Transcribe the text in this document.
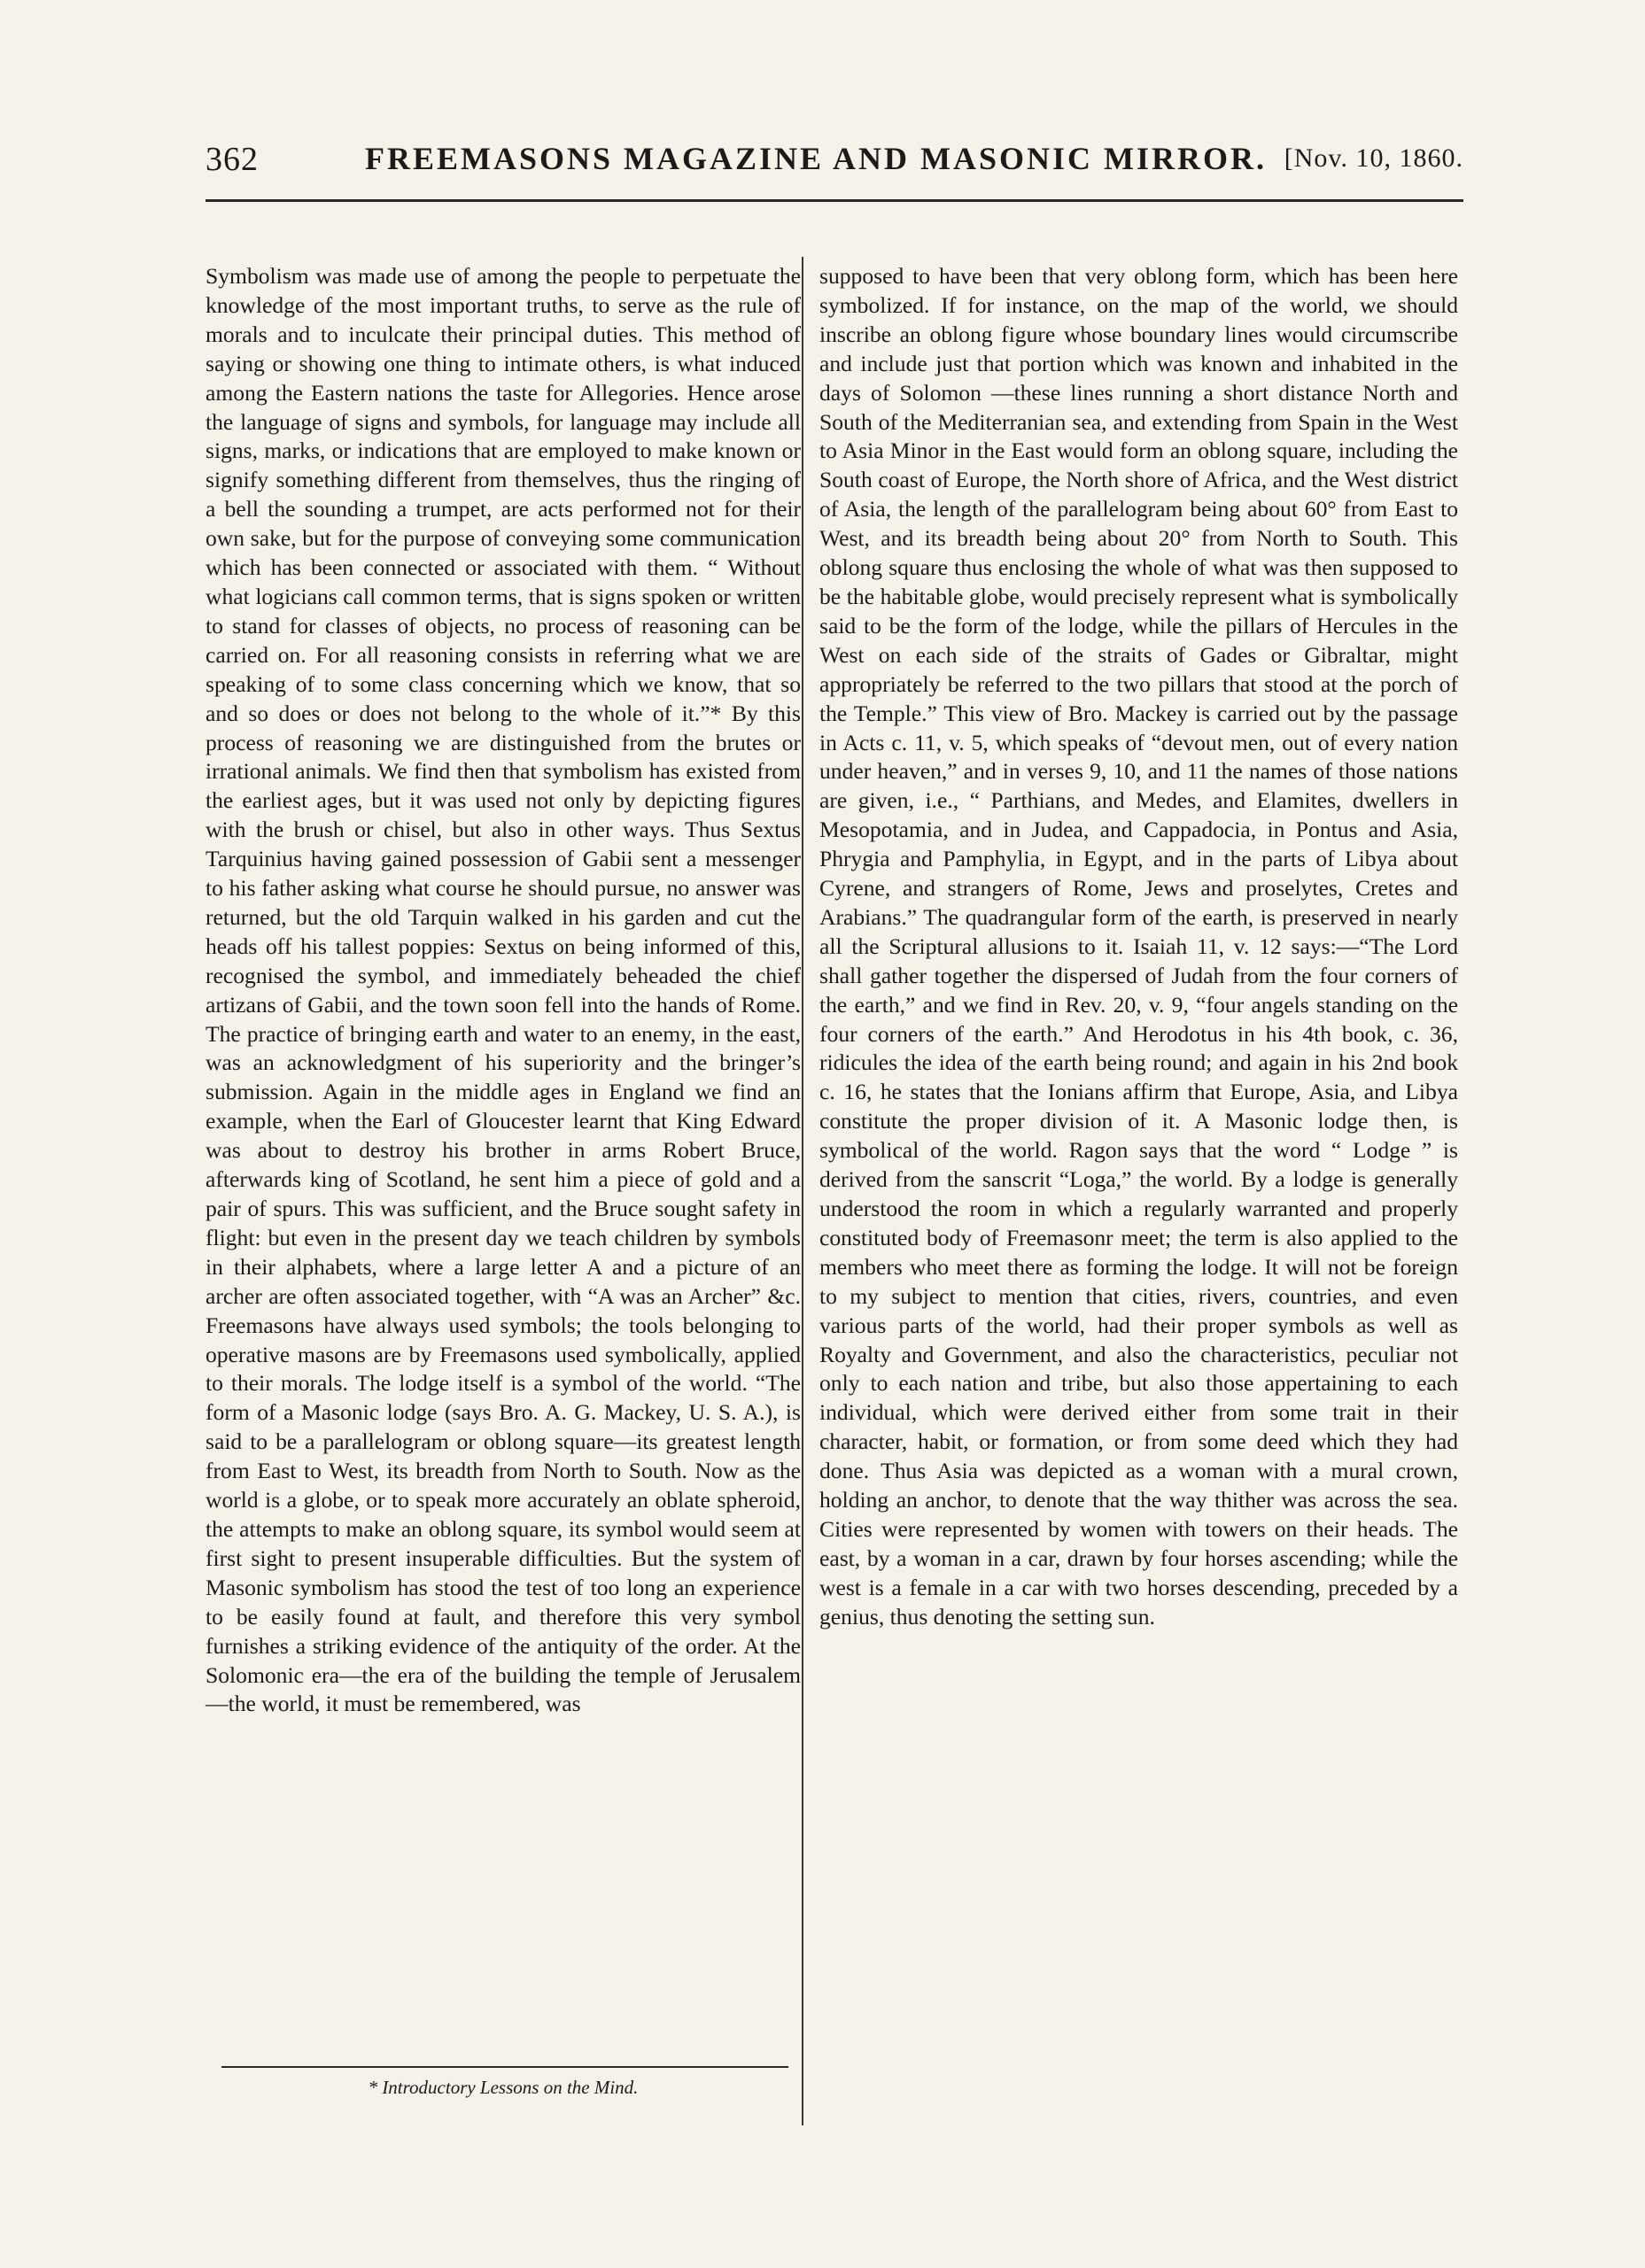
362	FREEMASONS MAGAZINE AND MASONIC MIRROR. [Nov. 10, 1860.

Symbolism was made use of among the people to perpetuate the knowledge of the most important truths, to serve as the rule of morals and to inculcate their principal duties. This method of saying or showing one thing to intimate others, is what induced among the Eastern nations the taste for Allegories. Hence arose the language of signs and symbols, for language may include all signs, marks, or indications that are employed to make known or signify something different from themselves, thus the ringing of a bell the sounding a trumpet, are acts performed not for their own sake, but for the purpose of conveying some communication which has been connected or associated with them. “ Without what logicians call common terms, that is signs spoken or written to stand for classes of objects, no process of reasoning can be carried on. For all reasoning consists in referring what we are speaking of to some class concerning which we know, that so and so does or does not belong to the whole of it.”* By this process of reasoning we are distinguished from the brutes or irrational animals. We find then that symbolism has existed from the earliest ages, but it was used not only by depicting figures with the brush or chisel, but also in other ways. Thus Sextus Tarquinius having gained possession of Gabii sent a messenger to his father asking what course he should pursue, no answer was returned, but the old Tarquin walked in his garden and cut the heads off his tallest poppies: Sextus on being informed of this, recognised the symbol, and immediately beheaded the chief artizans of Gabii, and the town soon fell into the hands of Rome. The practice of bringing earth and water to an enemy, in the east, was an acknowledgment of his superiority and the bringer’s submission. Again in the middle ages in England we find an example, when the Earl of Gloucester learnt that King Edward was about to destroy his brother in arms Robert Bruce, afterwards king of Scotland, he sent him a piece of gold and a pair of spurs. This was sufficient, and the Bruce sought safety in flight: but even in the present day we teach children by symbols in their alphabets, where a large letter A and a picture of an archer are often associated together, with “A was an Archer” &c. Freemasons have always used symbols; the tools belonging to operative masons are by Freemasons used symbolically, applied to their morals. The lodge itself is a symbol of the world. “The form of a Masonic lodge (says Bro. A. G. Mackey, U. S. A.), is said to be a parallelogram or oblong square—its greatest length from East to West, its breadth from North to South. Now as the world is a globe, or to speak more accurately an oblate spheroid, the attempts to make an oblong square, its symbol would seem at first sight to present insuperable difficulties. But the system of Masonic symbolism has stood the test of too long an experience to be easily found at fault, and therefore this very symbol furnishes a striking evidence of the antiquity of the order. At the Solomonic era—the era of the building the temple of Jerusalem—the world, it must be remembered, was

supposed to have been that very oblong form, which has been here symbolized. If for instance, on the map of the world, we should inscribe an oblong figure whose boundary lines would circumscribe and include just that portion which was known and inhabited in the days of Solomon —these lines running a short distance North and South of the Mediterranian sea, and extending from Spain in the West to Asia Minor in the East would form an oblong square, including the South coast of Europe, the North shore of Africa, and the West district of Asia, the length of the parallelogram being about 60° from East to West, and its breadth being about 20° from North to South. This oblong square thus enclosing the whole of what was then supposed to be the habitable globe, would precisely represent what is symbolically said to be the form of the lodge, while the pillars of Hercules in the West on each side of the straits of Gades or Gibraltar, might appropriately be referred to the two pillars that stood at the porch of the Temple.” This view of Bro. Mackey is carried out by the passage in Acts c. 11, v. 5, which speaks of “devout men, out of every nation under heaven,” and in verses 9, 10, and 11 the names of those nations are given, i.e., “ Parthians, and Medes, and Elamites, dwellers in Mesopotamia, and in Judea, and Cappadocia, in Pontus and Asia, Phrygia and Pamphylia, in Egypt, and in the parts of Libya about Cyrene, and strangers of Rome, Jews and proselytes, Cretes and Arabians.” The quadrangular form of the earth, is preserved in nearly all the Scriptural allusions to it. Isaiah 11, v. 12 says:—“The Lord shall gather together the dispersed of Judah from the four corners of the earth,” and we find in Rev. 20, v. 9, “four angels standing on the four corners of the earth.” And Herodotus in his 4th book, c. 36, ridicules the idea of the earth being round; and again in his 2nd book c. 16, he states that the Ionians affirm that Europe, Asia, and Libya constitute the proper division of it. A Masonic lodge then, is symbolical of the world. Ragon says that the word “ Lodge ” is derived from the sanscrit “Loga,” the world. By a lodge is generally understood the room in which a regularly warranted and properly constituted body of Freemasonr meet; the term is also applied to the members who meet there as forming the lodge. It will not be foreign to my subject to mention that cities, rivers, countries, and even various parts of the world, had their proper symbols as well as Royalty and Government, and also the characteristics, peculiar not only to each nation and tribe, but also those appertaining to each individual, which were derived either from some trait in their character, habit, or formation, or from some deed which they had done. Thus Asia was depicted as a woman with a mural crown, holding an anchor, to denote that the way thither was across the sea. Cities were represented by women with towers on their heads. The east, by a woman in a car, drawn by four horses ascending; while the west is a female in a car with two horses descending, preceded by a genius, thus denoting the setting sun.

* Introductory Lessons on the Mind.
